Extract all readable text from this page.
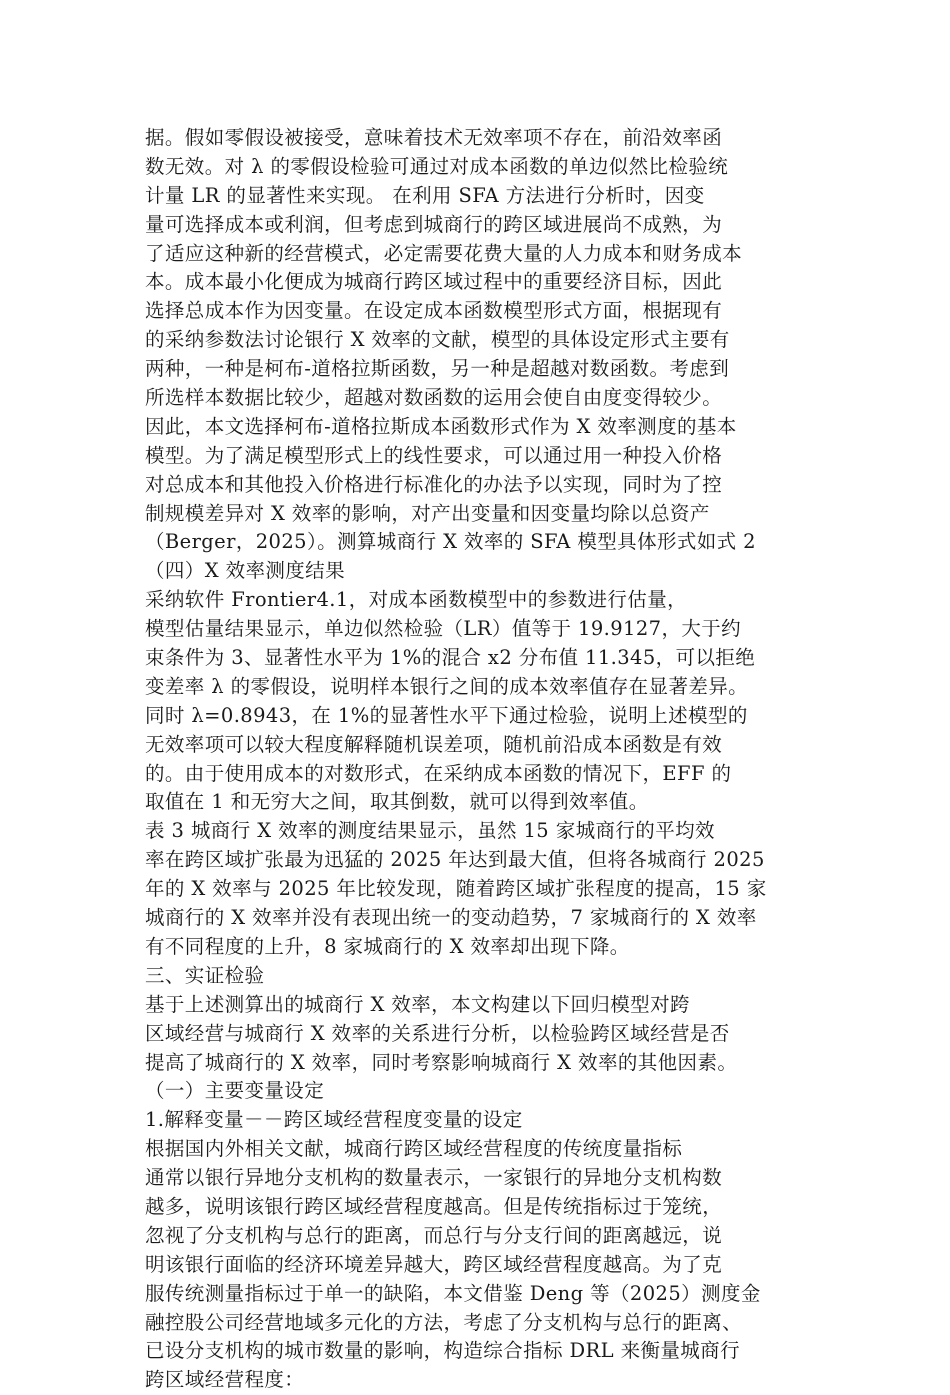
据。假如零假设被接受，意味着技术无效率项不存在，前沿效率函
数无效。对 λ 的零假设检验可通过对成本函数的单边似然比检验统
计量 LR 的显著性来实现。 在利用 SFA 方法进行分析时，因变
量可选择成本或利润，但考虑到城商行的跨区域进展尚不成熟，为
了适应这种新的经营模式，必定需要花费大量的人力成本和财务成本
本。成本最小化便成为城商行跨区域过程中的重要经济目标，因此
选择总成本作为因变量。在设定成本函数模型形式方面，根据现有
的采纳参数法讨论银行 X 效率的文献，模型的具体设定形式主要有
两种，一种是柯布-道格拉斯函数，另一种是超越对数函数。考虑到
所选样本数据比较少，超越对数函数的运用会使自由度变得较少。
因此，本文选择柯布-道格拉斯成本函数形式作为 X 效率测度的基本
模型。为了满足模型形式上的线性要求，可以通过用一种投入价格
对总成本和其他投入价格进行标准化的办法予以实现，同时为了控
制规模差异对 X 效率的影响，对产出变量和因变量均除以总资产
（Berger，2025）。测算城商行 X 效率的 SFA 模型具体形式如式 2
（四）X 效率测度结果
采纳软件 Frontier4.1，对成本函数模型中的参数进行估量，
模型估量结果显示，单边似然检验（LR）值等于 19.9127，大于约
束条件为 3、显著性水平为 1%的混合 x2 分布值 11.345，可以拒绝
变差率 λ 的零假设，说明样本银行之间的成本效率值存在显著差异。
同时 λ=0.8943，在 1%的显著性水平下通过检验，说明上述模型的
无效率项可以较大程度解释随机误差项，随机前沿成本函数是有效
的。由于使用成本的对数形式，在采纳成本函数的情况下，EFF 的
取值在 1 和无穷大之间，取其倒数，就可以得到效率值。
表 3 城商行 X 效率的测度结果显示，虽然 15 家城商行的平均效
率在跨区域扩张最为迅猛的 2025 年达到最大值，但将各城商行 2025
年的 X 效率与 2025 年比较发现，随着跨区域扩张程度的提高，15 家
城商行的 X 效率并没有表现出统一的变动趋势，7 家城商行的 X 效率
有不同程度的上升，8 家城商行的 X 效率却出现下降。
三、实证检验
基于上述测算出的城商行 X 效率，本文构建以下回归模型对跨
区域经营与城商行 X 效率的关系进行分析，以检验跨区域经营是否
提高了城商行的 X 效率，同时考察影响城商行 X 效率的其他因素。
（一）主要变量设定
1.解释变量－－跨区域经营程度变量的设定
根据国内外相关文献，城商行跨区域经营程度的传统度量指标
通常以银行异地分支机构的数量表示，一家银行的异地分支机构数
越多，说明该银行跨区域经营程度越高。但是传统指标过于笼统，
忽视了分支机构与总行的距离，而总行与分支行间的距离越远，说
明该银行面临的经济环境差异越大，跨区域经营程度越高。为了克
服传统测量指标过于单一的缺陷，本文借鉴 Deng 等（2025）测度金
融控股公司经营地域多元化的方法，考虑了分支机构与总行的距离、
已设分支机构的城市数量的影响，构造综合指标 DRL 来衡量城商行
跨区域经营程度：
